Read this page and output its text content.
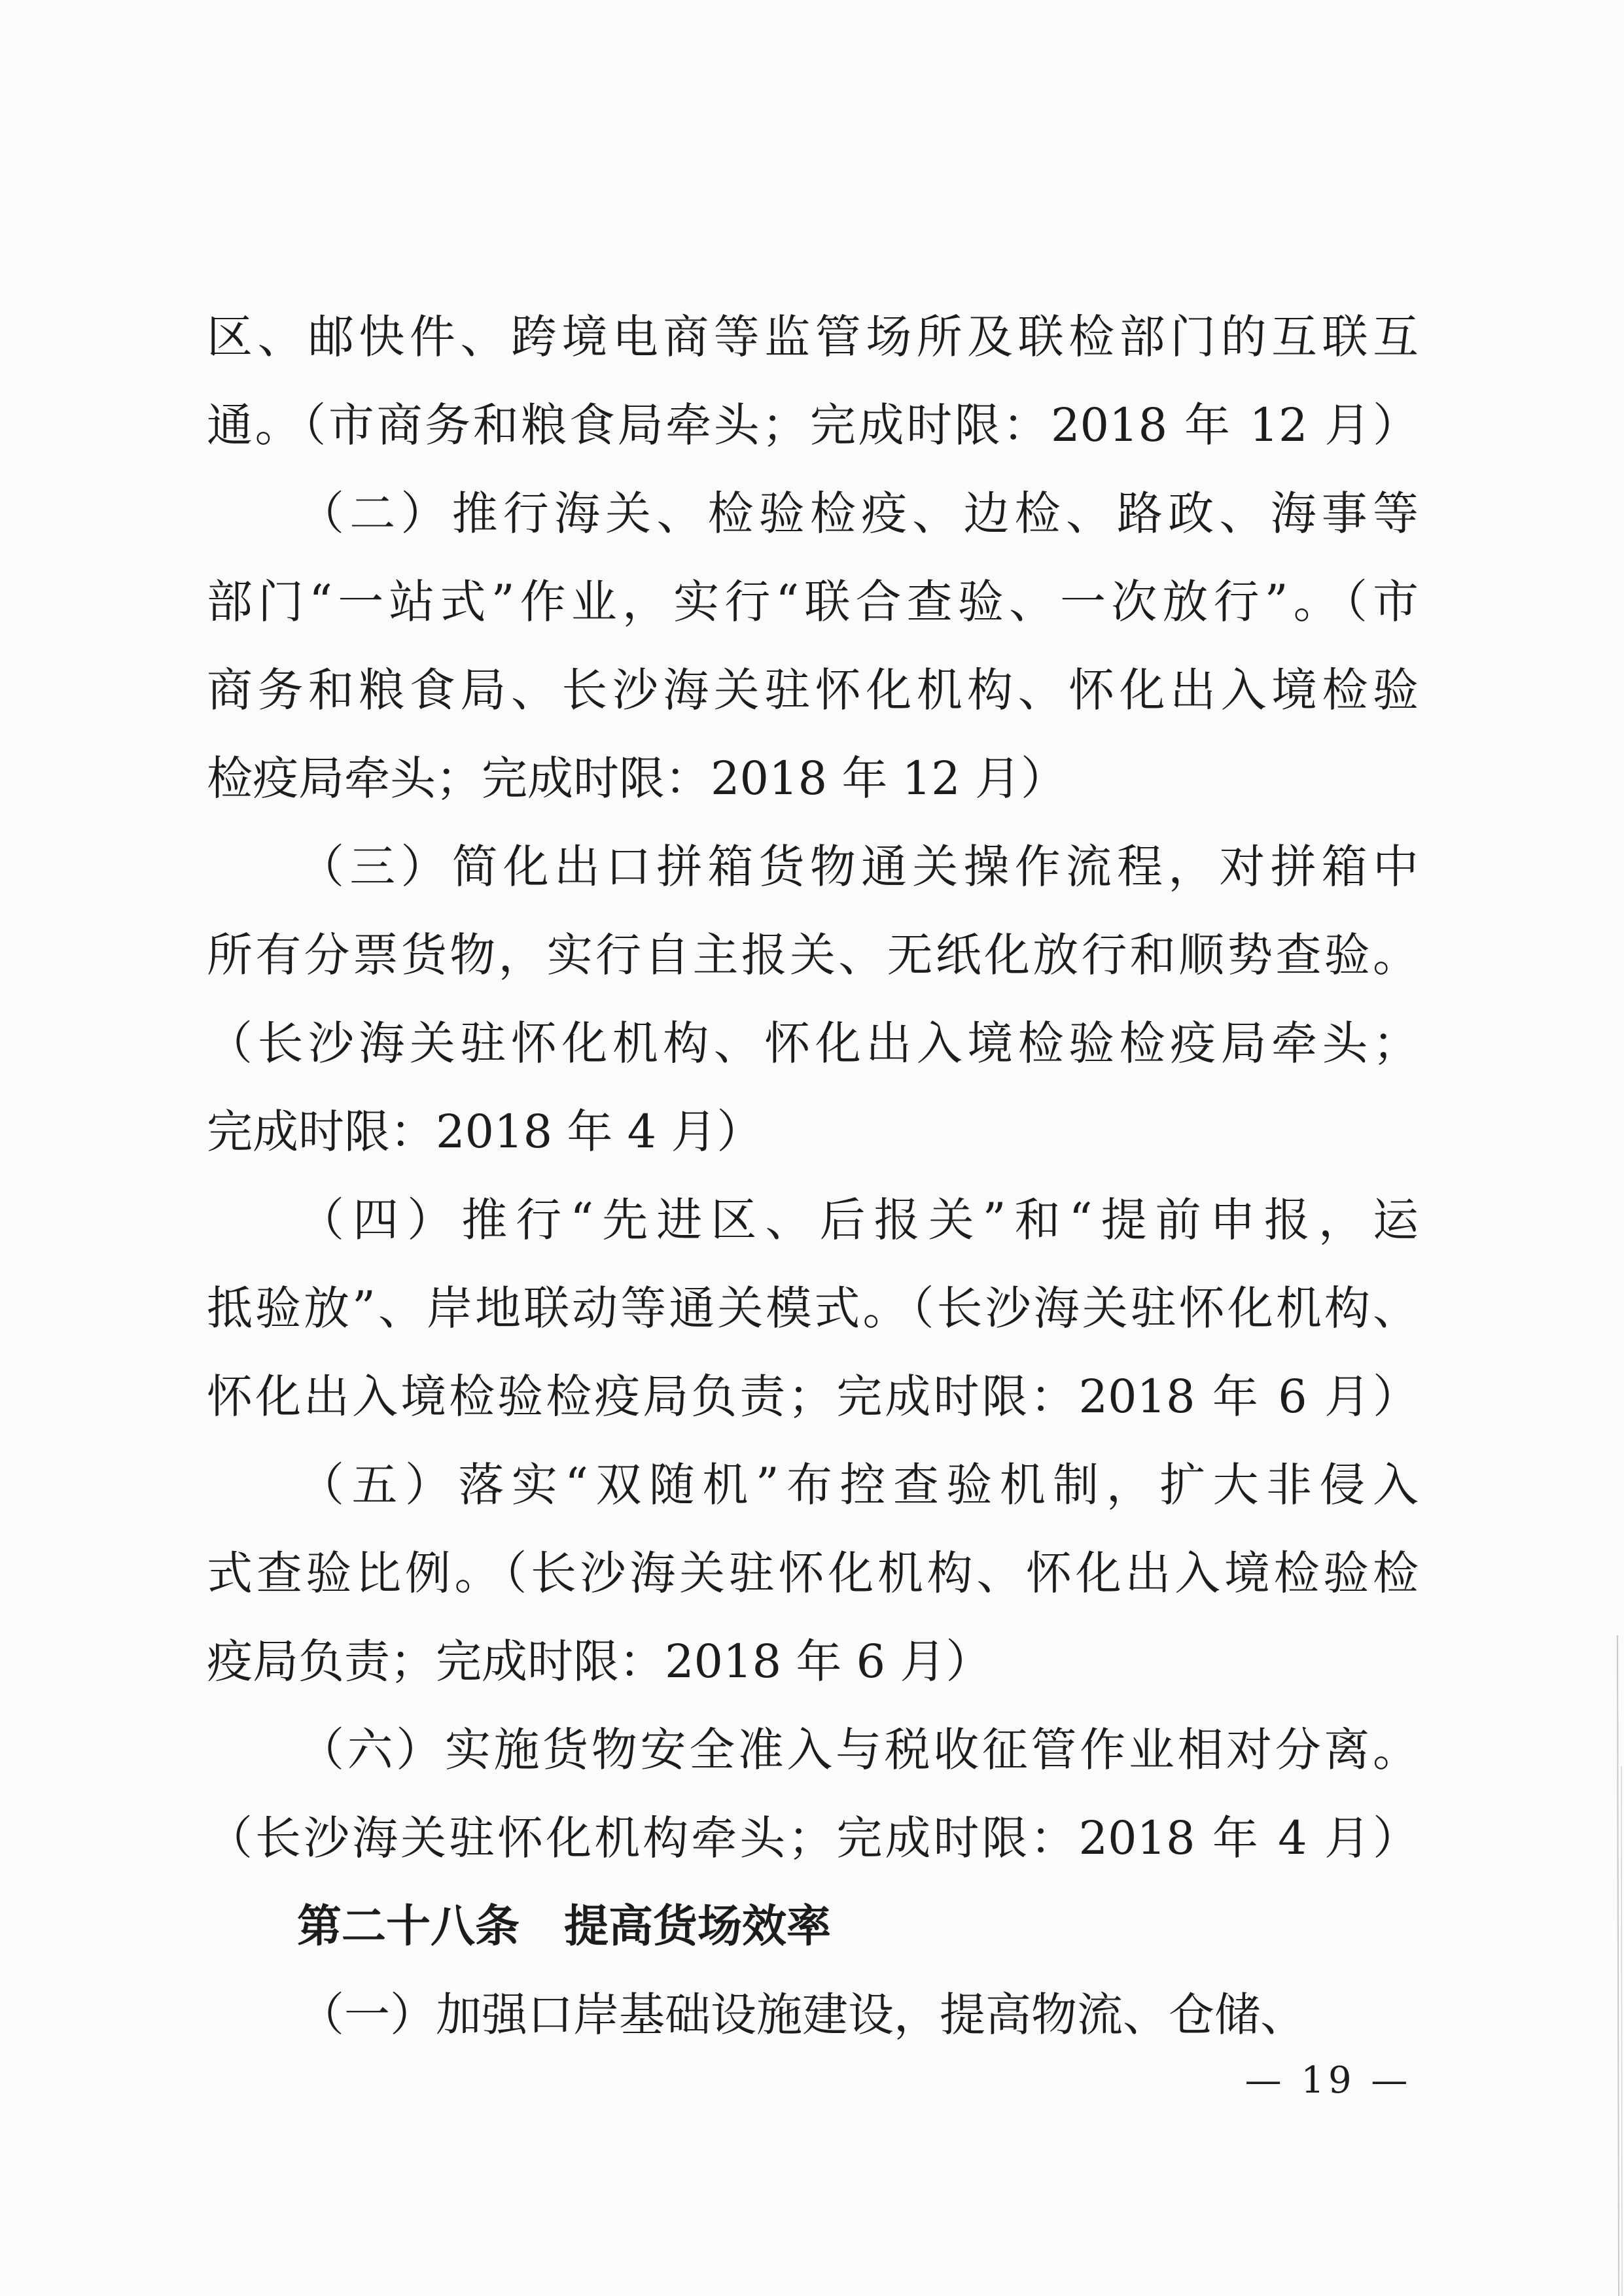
区、邮快件、跨境电商等监管场所及联检部门的互联互
通。（市商务和粮食局牵头；完成时限：2018 年 12 月）
（二）推行海关、检验检疫、边检、路政、海事等
部门“一站式”作业，实行“联合查验、一次放行”。（市
商务和粮食局、长沙海关驻怀化机构、怀化出入境检验
检疫局牵头；完成时限：2018 年 12 月）
（三）简化出口拼箱货物通关操作流程，对拼箱中
所有分票货物，实行自主报关、无纸化放行和顺势查验。
（长沙海关驻怀化机构、怀化出入境检验检疫局牵头；
完成时限：2018 年 4 月）
（四）推行“先进区、后报关”和“提前申报，运
抵验放”、岸地联动等通关模式。（长沙海关驻怀化机构、
怀化出入境检验检疫局负责；完成时限：2018 年 6 月）
（五）落实“双随机”布控查验机制，扩大非侵入
式查验比例。（长沙海关驻怀化机构、怀化出入境检验检
疫局负责；完成时限：2018 年 6 月）
（六）实施货物安全准入与税收征管作业相对分离。
（长沙海关驻怀化机构牵头；完成时限：2018 年 4 月）
第二十八条　提高货场效率
（一）加强口岸基础设施建设，提高物流、仓储、
— 19 —
